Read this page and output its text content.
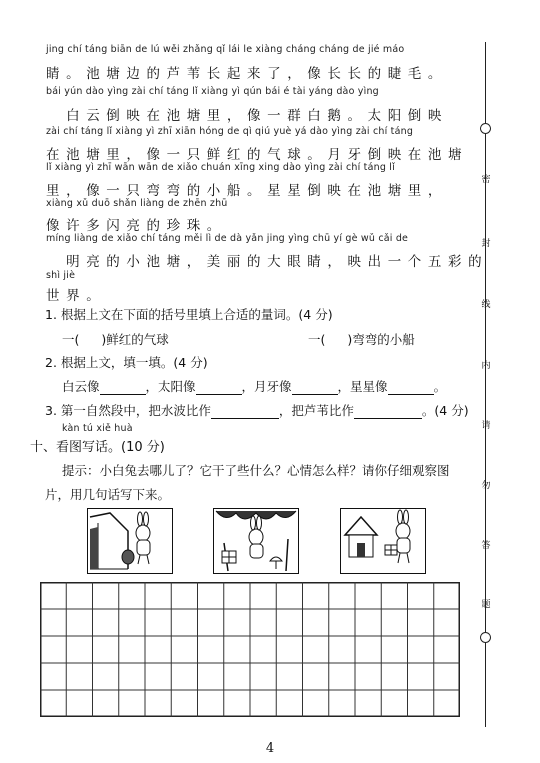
jing chí táng biān de lú wěi zhǎng qǐ lái le xiàng cháng cháng de jié máo
睛。池塘边的芦苇长起来了，像长长的睫毛。
bái yún dào yìng zài chí táng lǐ xiàng yì qún bái é tài yáng dào yìng
　白云倒映在池塘里，像一群白鹅。太阳倒映
zài chí táng lǐ xiàng yì zhī xiān hóng de qì qiú yuè yá dào yìng zài chí táng
在池塘里，像一只鲜红的气球。月牙倒映在池塘
lǐ xiàng yì zhī wān wān de xiǎo chuán xīng xing dào yìng zài chí táng lǐ
里，像一只弯弯的小船。星星倒映在池塘里，
xiàng xǔ duō shǎn liàng de zhēn zhū
像许多闪亮的珍珠。
míng liàng de xiǎo chí táng měi lì de dà yǎn jing yìng chū yí gè wǔ cǎi de
　明亮的小池塘，美丽的大眼睛，映出一个五彩的
shì jiè
世界。
1. 根据上文在下面的括号里填上合适的量词。(4 分)
一( )鲜红的气球	一( )弯弯的小船
2. 根据上文，填一填。(4 分)
白云像	，太阳像	，月牙像	，星星像	。
3. 第一自然段中，把水波比作	，把芦苇比作	。(4 分)
kàn tú xiě huà
十、看图写话。(10 分)
提示：小白兔去哪儿了？它干了些什么？心情怎么样？请你仔细观察图
片，用几句话写下来。
密
封
线
内
请
勿
答
题
4
